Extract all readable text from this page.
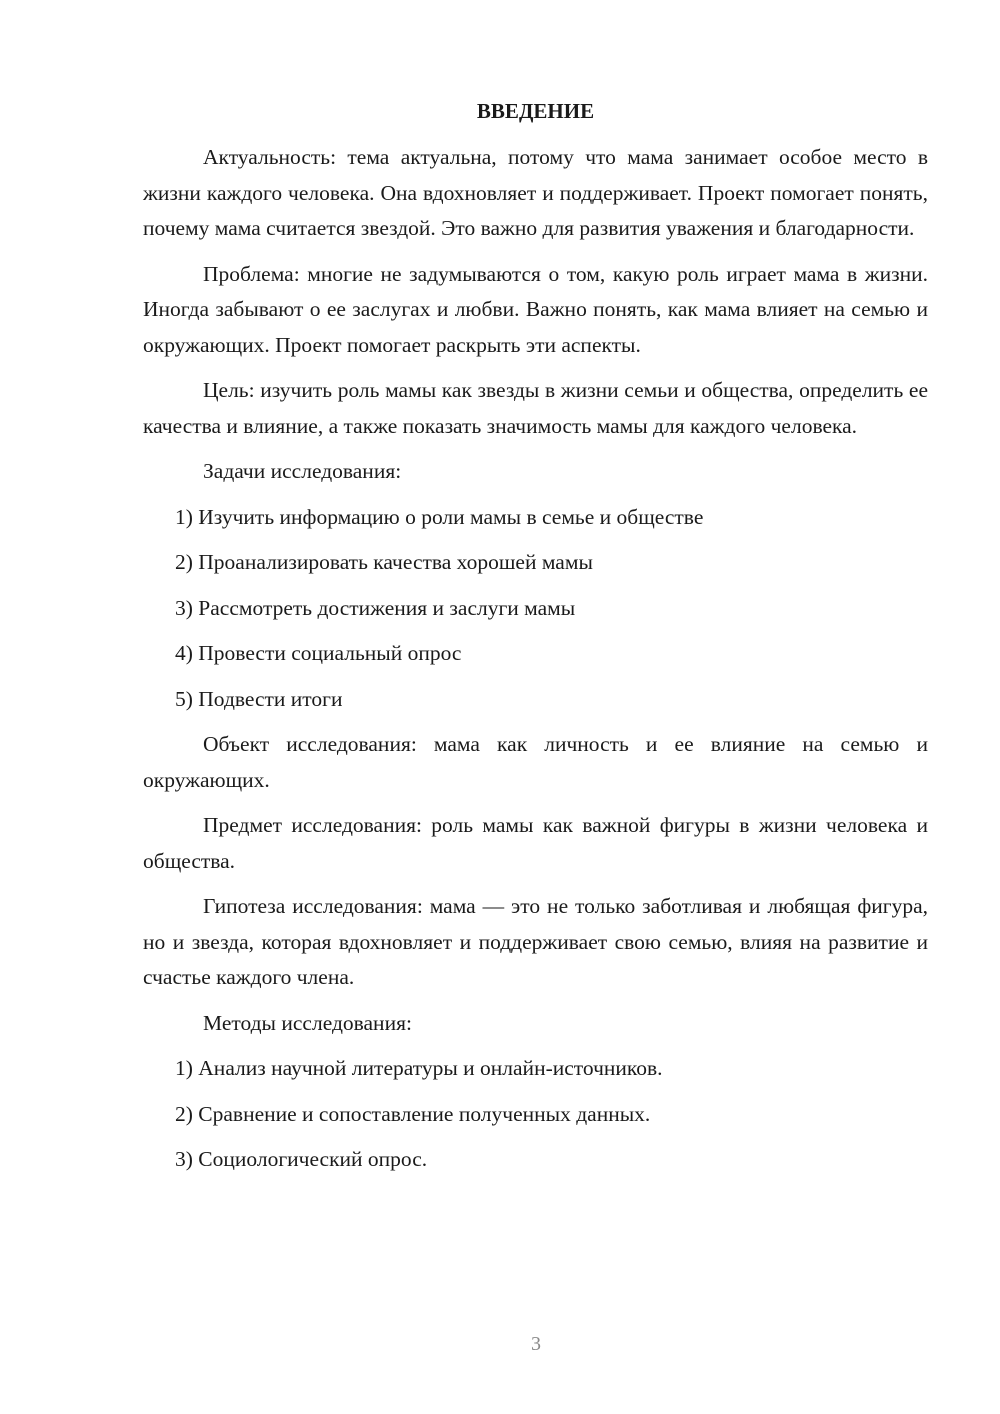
ВВЕДЕНИЕ

Актуальность: тема актуальна, потому что мама занимает особое место в жизни каждого человека. Она вдохновляет и поддерживает. Проект помогает понять, почему мама считается звездой. Это важно для развития уважения и благодарности.

Проблема: многие не задумываются о том, какую роль играет мама в жизни. Иногда забывают о ее заслугах и любви. Важно понять, как мама влияет на семью и окружающих. Проект помогает раскрыть эти аспекты.

Цель: изучить роль мамы как звезды в жизни семьи и общества, определить ее качества и влияние, а также показать значимость мамы для каждого человека.

Задачи исследования:

1) Изучить информацию о роли мамы в семье и обществе
2) Проанализировать качества хорошей мамы
3) Рассмотреть достижения и заслуги мамы
4) Провести социальный опрос
5) Подвести итоги

Объект исследования: мама как личность и ее влияние на семью и окружающих.

Предмет исследования: роль мамы как важной фигуры в жизни человека и общества.

Гипотеза исследования: мама — это не только заботливая и любящая фигура, но и звезда, которая вдохновляет и поддерживает свою семью, влияя на развитие и счастье каждого члена.

Методы исследования:

1) Анализ научной литературы и онлайн-источников.
2) Сравнение и сопоставление полученных данных.
3) Социологический опрос.
3
